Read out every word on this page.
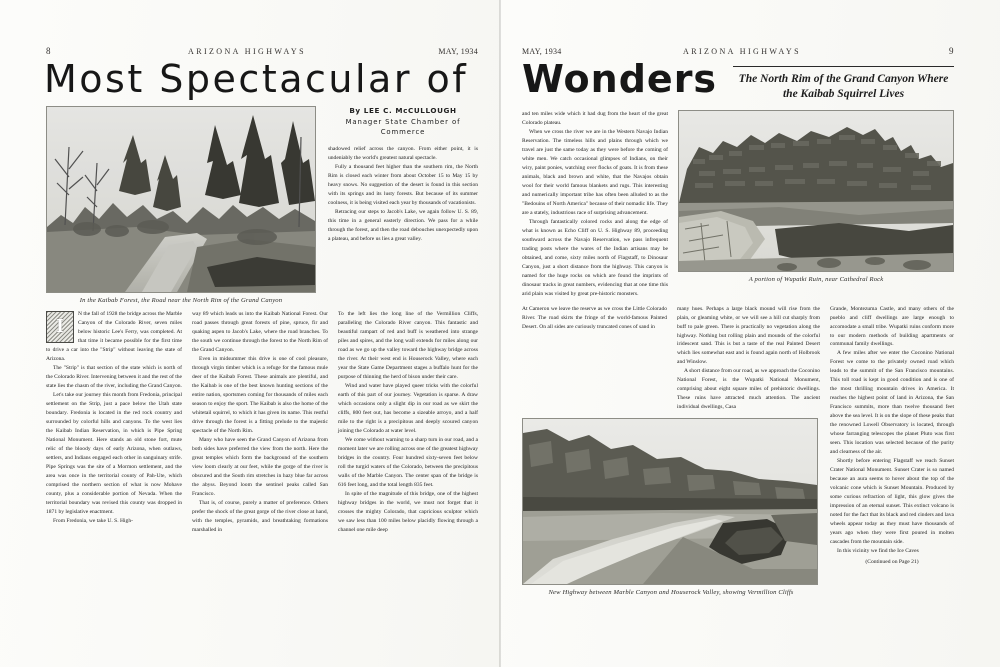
8	ARIZONA HIGHWAYS	MAY, 1934
Most Spectacular of
In the Kaibab Forest, the Road near the North Rim of the Grand Canyon
By LEE C. McCULLOUGH
Manager State Chamber of Commerce

shadowed relief across the canyon. From either point, it is undeniably the world's greatest natural spectacle.

Fully a thousand feet higher than the southern rim, the North Rim is closed each winter from about October 15 to May 15 by heavy snows. No suggestion of the desert is found in this section with its springs and its lusty forests. But because of its summer coolness, it is being visited each year by thousands of vacationists.

Retracing our steps to Jacob's Lake, we again follow U. S. 89, this time in a general easterly direction. We pass for a while through the forest, and then the road debouches unexpectedly upon a plateau, and before us lies a great valley.

I

N the fall of 1928 the bridge across the Marble Canyon of the Colorado River, seven miles below historic Lee's Ferry, was completed. At that time it became possible for the first time to drive a car into the "Strip" without leaving the state of Arizona.

The "Strip" is that section of the state which is north of the Colorado River. Intervening between it and the rest of the state lies the chasm of the river, including the Grand Canyon.

Let's take our journey this month from Fredonia, principal settlement on the Strip, just a pace below the Utah state boundary. Fredonia is located in the red rock country and surrounded by colorful hills and canyons. To the west lies the Kaibab Indian Reservation, in which is Pipe Spring National Monument. Here stands an old stone fort, mute relic of the bloody days of early Arizona, when outlaws, settlers, and Indians engaged each other in sanguinary strife. Pipe Springs was the site of a Mormon settlement, and the area was once in the territorial county of Pah-Ute, which comprised the northern section of what is now Mohave county, plus a considerable portion of Nevada. When the territorial boundary was revised this county was dropped in 1871 by legislative enactment.

From Fredonia, we take U. S. High-

way 89 which leads us into the Kaibab National Forest. Our road passes through great forests of pine, spruce, fir and quaking aspen to Jacob's Lake, where the road branches. To the south we continue through the forest to the North Rim of the Grand Canyon.

Even in midsummer this drive is one of cool pleasure, through virgin timber which is a refuge for the famous mule deer of the Kaibab Forest. These animals are plentiful, and the Kaibab is one of the best known hunting sections of the entire nation, sportsmen coming for thousands of miles each season to enjoy the sport. The Kaibab is also the home of the whitetail squirrel, to which it has given its name. This restful drive through the forest is a fitting prelude to the majestic spectacle of the North Rim.

Many who have seen the Grand Canyon of Arizona from both sides have preferred the view from the north. Here the great temples which form the background of the southern view loom clearly at our feet, while the gorge of the river is obscured and the South rim stretches in hazy blue far across the abyss. Beyond loom the sentinel peaks called San Francisco.

That is, of course, purely a matter of preference. Others prefer the shock of the great gorge of the river close at hand, with the temples, pyramids, and breathtaking formations marshalled in

To the left lies the long line of the Vermillion Cliffs, paralleling the Colorado River canyon. This fantastic and beautiful rampart of red and buff is weathered into strange piles and spires, and the long wall extends for miles along our road as we go up the valley toward the highway bridge across the river. At their west end is Houserock Valley, where each year the State Game Department stages a buffalo hunt for the purpose of thinning the herd of bison under their care.

Wind and water have played queer tricks with the colorful earth of this part of our journey. Vegetation is sparse. A draw which occasions only a slight dip in our road as we skirt the cliffs, 800 feet out, has become a sizeable arroyo, and a half mile to the right is a precipitous and deeply scoured canyon joining the Colorado at water level.

We come without warning to a sharp turn in our road, and a moment later we are rolling across one of the greatest highway bridges in the country. Four hundred sixty-seven feet below roll the turgid waters of the Colorado, between the precipitous walls of the Marble Canyon. The center span of the bridge is 616 feet long, and the total length 835 feet.

In spite of the magnitude of this bridge, one of the highest highway bridges in the world, we must not forget that it crosses the mighty Colorado, that capricious sculptor which we saw less than 100 miles below placidly flowing through a channel one mile deep

MAY, 1934	ARIZONA HIGHWAYS	9
Wonders	The North Rim of the Grand Canyon Where the Kaibab Squirrel Lives

and ten miles wide which it had dug from the heart of the great Colorado plateau.

When we cross the river we are in the Western Navajo Indian Reservation. The timeless hills and plains through which we travel are just the same today as they were before the coming of white men. We catch occasional glimpses of Indians, on their wiry, paint ponies, watching over flocks of goats. It is from these animals, black and brown and white, that the Navajos obtain wool for their world famous blankets and rugs. This interesting and numerically important tribe has often been alluded to as the "Bedouins of North America" because of their nomadic life. They are a stately, industrious race of surprising advancement.

Through fantastically colored rocks and along the edge of what is known as Echo Cliff on U. S. Highway 89, proceeding southward across the Navajo Reservation, we pass infrequent trading posts where the wares of the Indian artisans may be obtained, and come, sixty miles north of Flagstaff, to Dinosaur Canyon, just a short distance from the highway. This canyon is named for the huge rocks on which are found the imprints of dinosaur tracks in great numbers, evidencing that at one time this arid plain was visited by great pre-historic monsters.

A portion of Wupatki Ruin, near Cathedral Rock

At Cameron we leave the reserve as we cross the Little Colorado River. The road skirts the fringe of the world-famous Painted Desert. On all sides are curiously truncated cones of sand in

many hues. Perhaps a large black mound will rise from the plain, or gleaming white, or we will see a hill cut sharply from buff to pale green. There is practically no vegetation along the highway. Nothing but rolling plain and mounds of the colorful iridescent sand. This is but a taste of the real Painted Desert which lies somewhat east and is found again north of Holbrook and Winslow.

A short distance from our road, as we approach the Coconino National Forest, is the Wupatki National Monument, comprising about eight square miles of prehistoric dwellings. These ruins have attracted much attention. The ancient individual dwellings, Casa

New Highway between Marble Canyon and Houserock Valley, showing Vermillion Cliffs

Grande, Montezuma Castle, and many others of the pueblo and cliff dwellings are large enough to accomodate a small tribe. Wupatki ruins conform more to our modern methods of building apartments or communal family dwellings.

A few miles after we enter the Coconino National Forest we come to the privately owned road which leads to the summit of the San Francisco mountains. This toll road is kept in good condition and is one of the most thrilling mountain drives in America. It reaches the highest point of land in Arizona, the San Francisco summits, more than twelve thousand feet above the sea level. It is on the slope of these peaks that the renowned Lowell Observatory is located, through whose farranging telescopes the planet Pluto was first seen. This location was selected because of the purity and clearness of the air.

Shortly before entering Flagstaff we reach Sunset Crater National Monument. Sunset Crater is so named because an aura seems to hover about the top of the volcanic cone which is Sunset Mountain. Produced by some curious refraction of light, this glow gives the impression of an eternal sunset. This extinct volcano is noted for the fact that its black and red cinders and lava wheels appear today as they must have thousands of years ago when they were first poured in molten cascades from the mountain side.

In this vicinity we find the Ice Caves

(Continued on Page 21)
